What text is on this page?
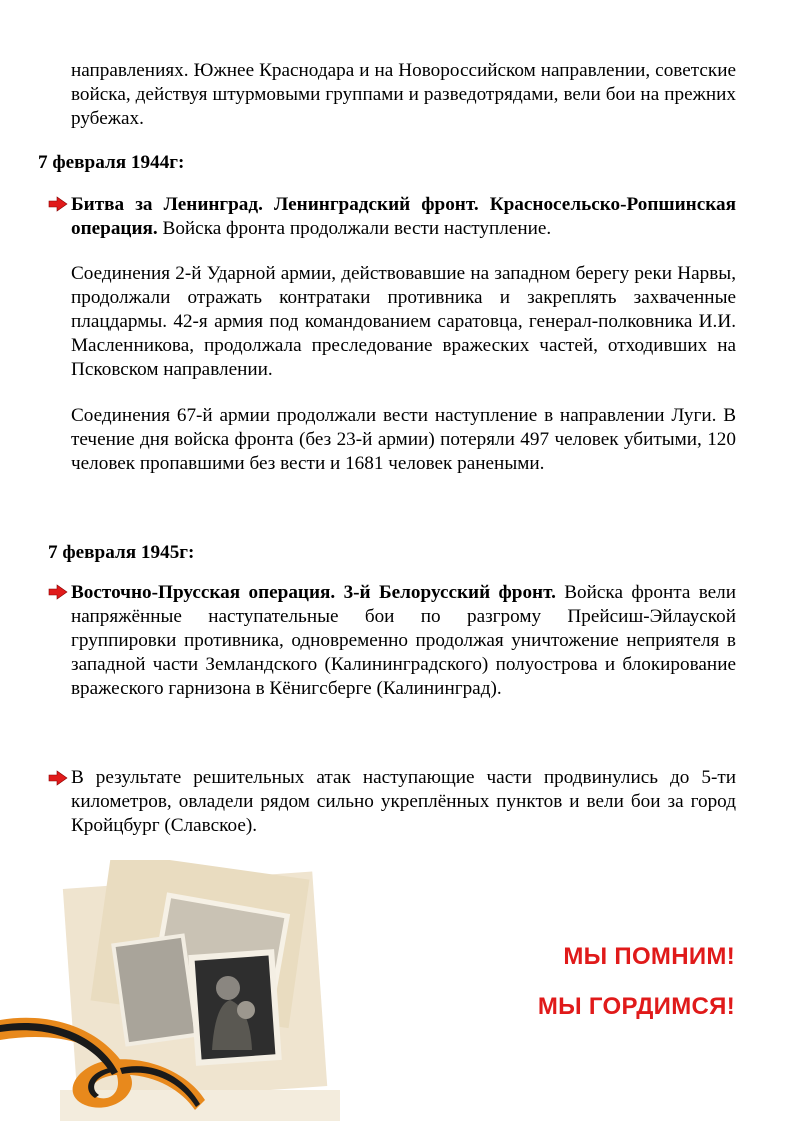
направлениях. Южнее Краснодара и на Новороссийском направлении, советские войска, действуя штурмовыми группами и разведотрядами, вели бои на прежних рубежах.
7 февраля 1944г:
Битва за Ленинград. Ленинградский фронт. Красносельско-Ропшинская операция. Войска фронта продолжали вести наступление.
Соединения 2-й Ударной армии, действовавшие на западном берегу реки Нарвы, продолжали отражать контратаки противника и закреплять захваченные плацдармы. 42-я армия под командованием саратовца, генерал-полковника И.И. Масленникова, продолжала преследование вражеских частей, отходивших на Псковском направлении.
Соединения 67-й армии продолжали вести наступление в направлении Луги. В течение дня войска фронта (без 23-й армии) потеряли 497 человек убитыми, 120 человек пропавшими без вести и 1681 человек ранеными.
7 февраля 1945г:
Восточно-Прусская операция. 3-й Белорусский фронт. Войска фронта вели напряжённые наступательные бои по разгрому Прейсиш-Эйлауской группировки противника, одновременно продолжая уничтожение неприятеля в западной части Земландского (Калининградского) полуострова и блокирование вражеского гарнизона в Кёнигсберге (Калининград).
В результате решительных атак наступающие части продвинулись до 5-ти километров, овладели рядом сильно укреплённых пунктов и вели бои за город Кройцбург (Славское).
МЫ ПОМНИМ!
МЫ ГОРДИМСЯ!
